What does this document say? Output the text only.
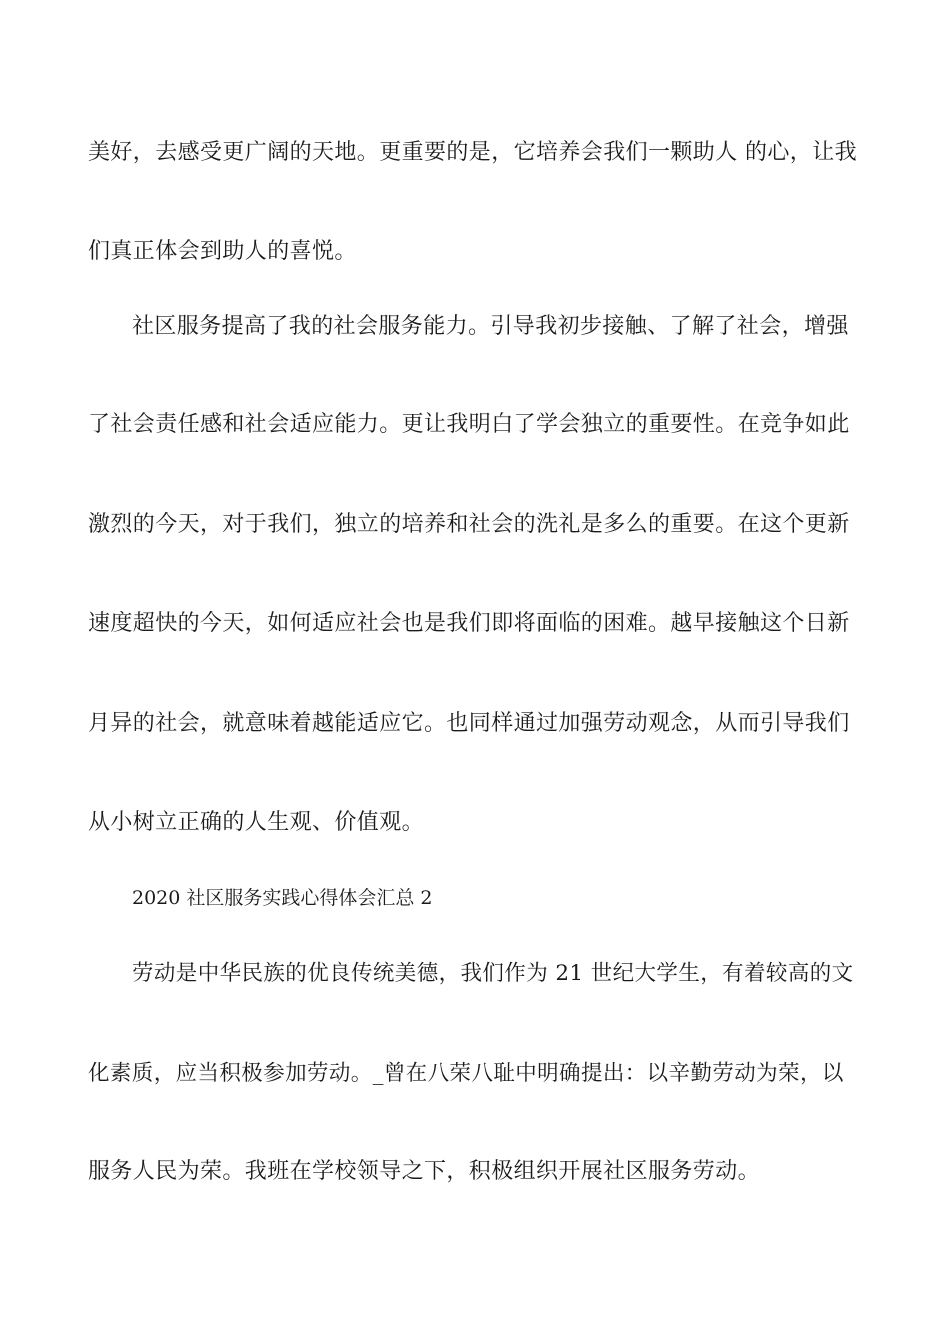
美好，去感受更广阔的天地。更重要的是，它培养会我们一颗助人 的心，让我
们真正体会到助人的喜悦。
社区服务提高了我的社会服务能力。引导我初步接触、了解了社会，增强
了社会责任感和社会适应能力。更让我明白了学会独立的重要性。在竞争如此
激烈的今天，对于我们，独立的培养和社会的洗礼是多么的重要。在这个更新
速度超快的今天，如何适应社会也是我们即将面临的困难。越早接触这个日新
月异的社会，就意味着越能适应它。也同样通过加强劳动观念，从而引导我们
从小树立正确的人生观、价值观。
2020 社区服务实践心得体会汇总 2
劳动是中华民族的优良传统美德，我们作为 21 世纪大学生，有着较高的文
化素质，应当积极参加劳动。_曾在八荣八耻中明确提出：以辛勤劳动为荣，以
服务人民为荣。我班在学校领导之下，积极组织开展社区服务劳动。
